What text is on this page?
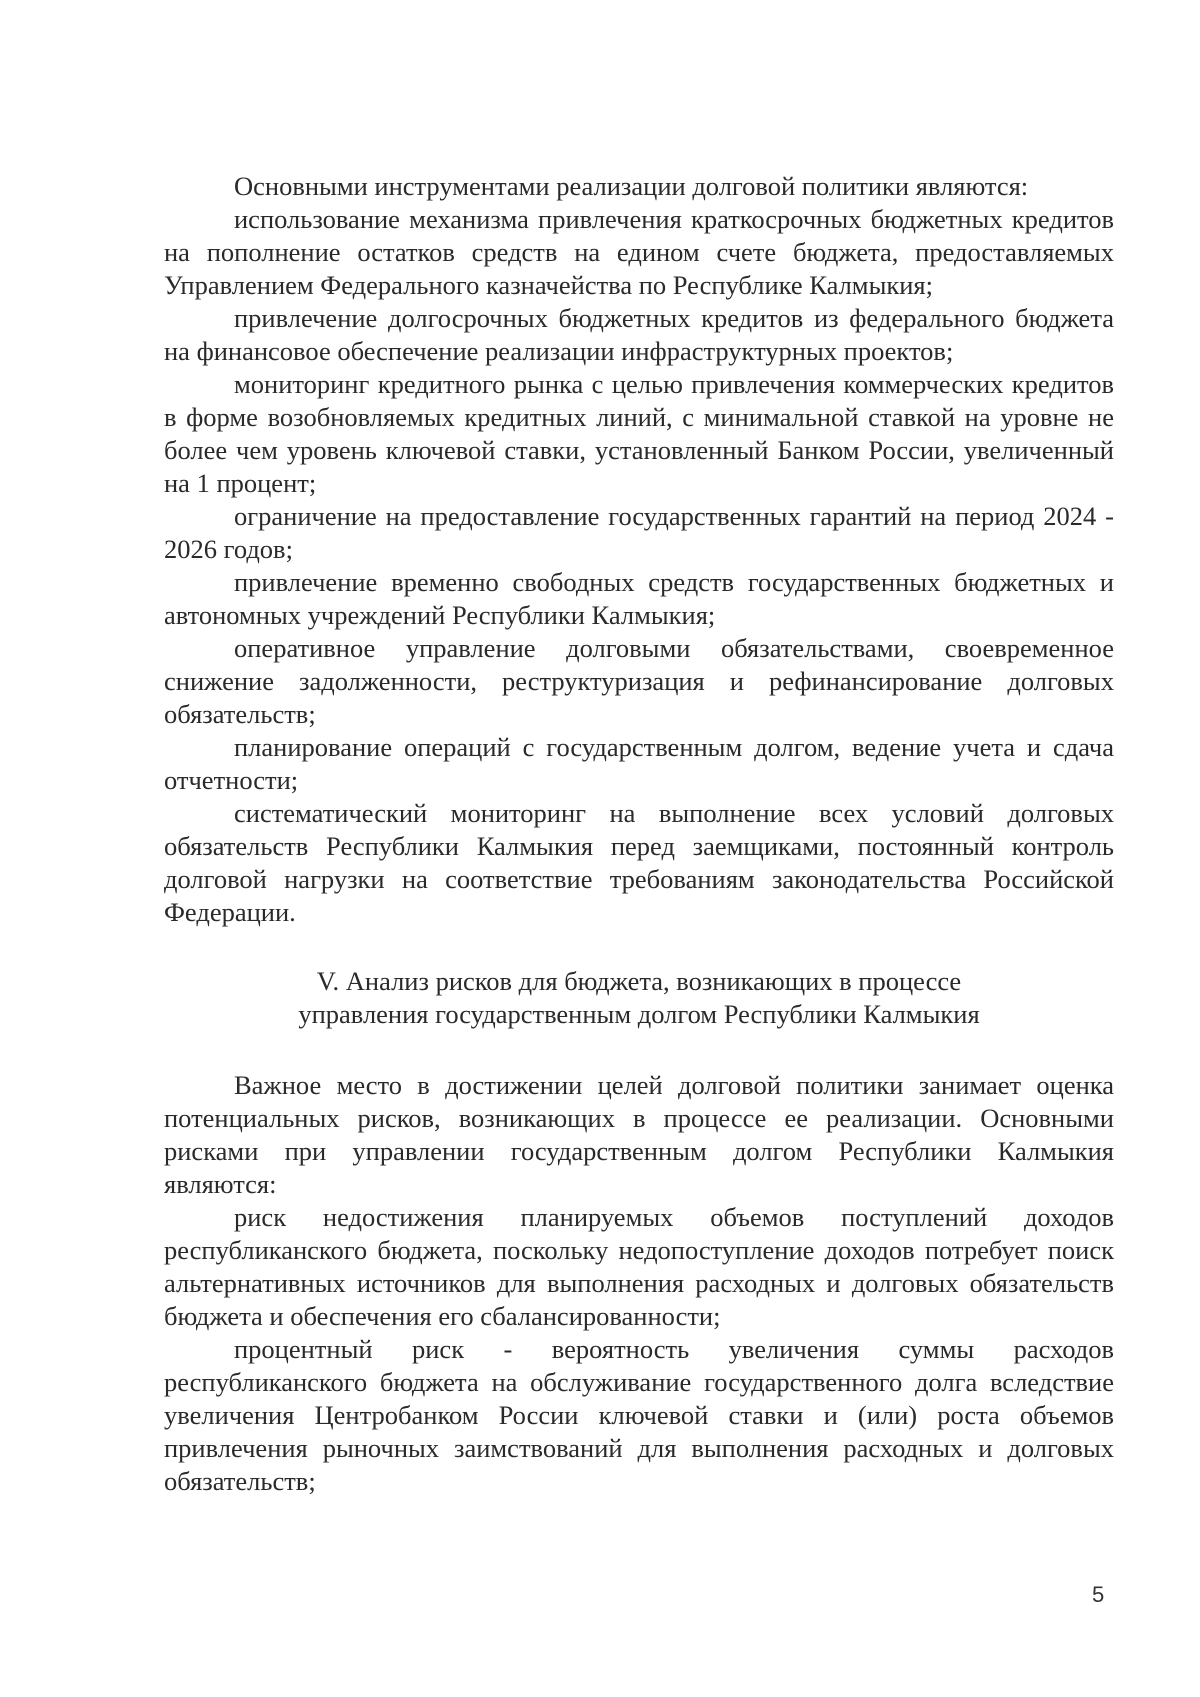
Основными инструментами реализации долговой политики являются:

использование механизма привлечения краткосрочных бюджетных кредитов на пополнение остатков средств на едином счете бюджета, предоставляемых Управлением Федерального казначейства по Республике Калмыкия;

привлечение долгосрочных бюджетных кредитов из федерального бюджета на финансовое обеспечение реализации инфраструктурных проектов;

мониторинг кредитного рынка с целью привлечения коммерческих кредитов в форме возобновляемых кредитных линий, с минимальной ставкой на уровне не более чем уровень ключевой ставки, установленный Банком России, увеличенный на 1 процент;

ограничение на предоставление государственных гарантий на период 2024 - 2026 годов;

привлечение временно свободных средств государственных бюджетных и автономных учреждений Республики Калмыкия;

оперативное управление долговыми обязательствами, своевременное снижение задолженности, реструктуризация и рефинансирование долговых обязательств;

планирование операций с государственным долгом, ведение учета и сдача отчетности;

систематический мониторинг на выполнение всех условий долговых обязательств Республики Калмыкия перед заемщиками, постоянный контроль долговой нагрузки на соответствие требованиям законодательства Российской Федерации.

V. Анализ рисков для бюджета, возникающих в процессе
управления государственным долгом Республики Калмыкия

Важное место в достижении целей долговой политики занимает оценка потенциальных рисков, возникающих в процессе ее реализации. Основными рисками при управлении государственным долгом Республики Калмыкия являются:

риск недостижения планируемых объемов поступлений доходов республиканского бюджета, поскольку недопоступление доходов потребует поиск альтернативных источников для выполнения расходных и долговых обязательств бюджета и обеспечения его сбалансированности;

процентный риск - вероятность увеличения суммы расходов республиканского бюджета на обслуживание государственного долга вследствие увеличения Центробанком России ключевой ставки и (или) роста объемов привлечения рыночных заимствований для выполнения расходных и долговых обязательств;

5
